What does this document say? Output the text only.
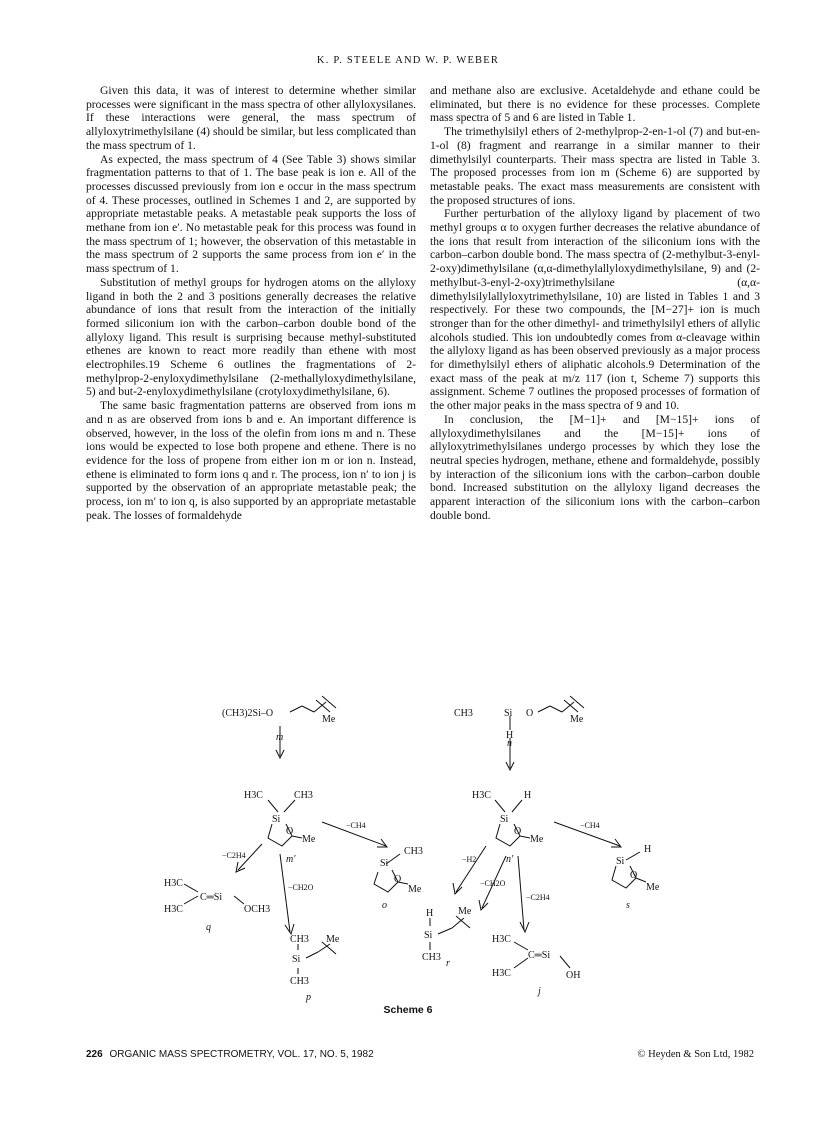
K. P. STEELE AND W. P. WEBER

Given this data, it was of interest to determine whether similar processes were significant in the mass spectra of other allyloxysilanes. If these interactions were general, the mass spectrum of allyloxytrimethylsilane (4) should be similar, but less complicated than the mass spectrum of 1.

As expected, the mass spectrum of 4 (See Table 3) shows similar fragmentation patterns to that of 1. The base peak is ion e. All of the processes discussed previously from ion e occur in the mass spectrum of 4. These processes, outlined in Schemes 1 and 2, are supported by appropriate metastable peaks. A metastable peak supports the loss of methane from ion e′. No metastable peak for this process was found in the mass spectrum of 1; however, the observation of this metastable in the mass spectrum of 2 supports the same process from ion e′ in the mass spectrum of 1.

Substitution of methyl groups for hydrogen atoms on the allyloxy ligand in both the 2 and 3 positions generally decreases the relative abundance of ions that result from the interaction of the initially formed siliconium ion with the carbon–carbon double bond of the allyloxy ligand. This result is surprising because methyl-substituted ethenes are known to react more readily than ethene with most electrophiles.19 Scheme 6 outlines the fragmentations of 2-methylprop-2-enyloxydimethylsilane (2-methallyloxydimethylsilane, 5) and but-2-enyloxydimethylsilane (crotyloxydimethylsilane, 6).

The same basic fragmentation patterns are observed from ions m and n as are observed from ions b and e. An important difference is observed, however, in the loss of the olefin from ions m and n. These ions would be expected to lose both propene and ethene. There is no evidence for the loss of propene from either ion m or ion n. Instead, ethene is eliminated to form ions q and r. The process, ion n′ to ion j is supported by the observation of an appropriate metastable peak; the process, ion m′ to ion q, is also supported by an appropriate metastable peak. The losses of formaldehyde

and methane also are exclusive. Acetaldehyde and ethane could be eliminated, but there is no evidence for these processes. Complete mass spectra of 5 and 6 are listed in Table 1.

The trimethylsilyl ethers of 2-methylprop-2-en-1-ol (7) and but-en-1-ol (8) fragment and rearrange in a similar manner to their dimethylsilyl counterparts. Their mass spectra are listed in Table 3. The proposed processes from ion m (Scheme 6) are supported by metastable peaks. The exact mass measurements are consistent with the proposed structures of ions.

Further perturbation of the allyloxy ligand by placement of two methyl groups α to oxygen further decreases the relative abundance of the ions that result from interaction of the siliconium ions with the carbon–carbon double bond. The mass spectra of (2-methylbut-3-enyl-2-oxy)dimethylsilane (α,α-dimethylallyloxydimethylsilane, 9) and (2-methylbut-3-enyl-2-oxy)trimethylsilane (α,α-dimethylsilylallyloxytrimethylsilane, 10) are listed in Tables 1 and 3 respectively. For these two compounds, the [M−27]+ ion is much stronger than for the other dimethyl- and trimethylsilyl ethers of allylic alcohols studied. This ion undoubtedly comes from α-cleavage within the allyloxy ligand as has been observed previously as a major process for dimethylsilyl ethers of aliphatic alcohols.9 Determination of the exact mass of the peak at m/z 117 (ion t, Scheme 7) supports this assignment. Scheme 7 outlines the proposed processes of formation of the other major peaks in the mass spectra of 9 and 10.

In conclusion, the [M−1]+ and [M−15]+ ions of allyloxydimethylsilanes and the [M−15]+ ions of allyloxytrimethylsilanes undergo processes by which they lose the neutral species hydrogen, methane, ethene and formaldehyde, possibly by interaction of the siliconium ions with the carbon–carbon double bond. Increased substitution on the allyloxy ligand decreases the apparent interaction of the siliconium ions with the carbon–carbon double bond.

(CH3)2Si–O
Me
m
CH3	Si O
Me
H
n
H3C	CH3
Si
O
Me
m′
H3C	H
Si
O
Me
n′
−C2H4
−CH2O
−CH4
−H2
−CH2O
−C2H4
−CH4
CH3
Si
O
Me
o
H3C
H3C
C═Si
OCH3
q
CH3 Me
Si
CH3
p
H Me
Si
CH3
r
H
Si
O
Me
s
H3C
H3C
C═Si
OH
j
Scheme 6
226 ORGANIC MASS SPECTROMETRY, VOL. 17, NO. 5, 1982	© Heyden & Son Ltd, 1982
